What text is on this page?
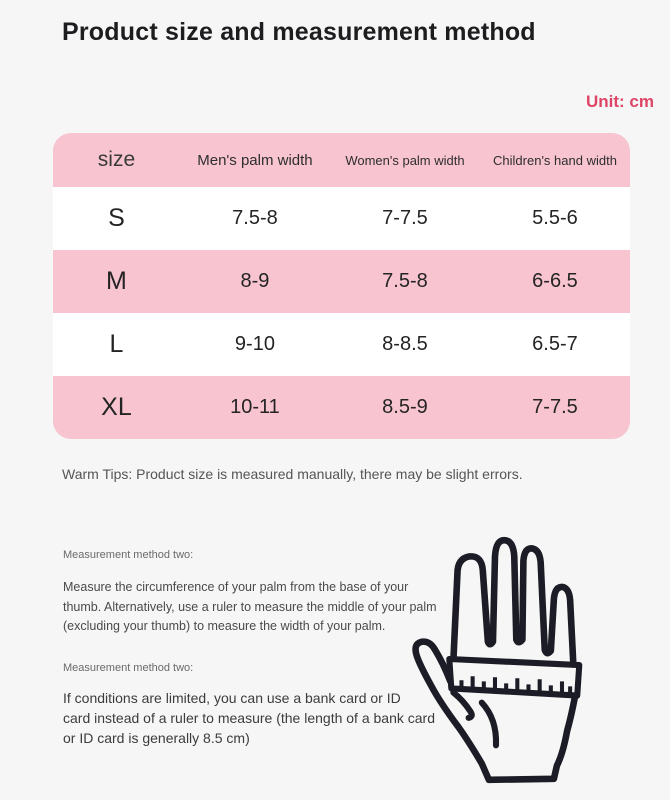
Product size and measurement method
Unit: cm
size	Men's palm width	Women's palm width	Children's hand width
S	7.5-8	7-7.5	5.5-6
M	8-9	7.5-8	6-6.5
L	9-10	8-8.5	6.5-7
XL	10-11	8.5-9	7-7.5
Warm Tips: Product size is measured manually, there may be slight errors.
Measurement method two:
Measure the circumference of your palm from the base of your
thumb. Alternatively, use a ruler to measure the middle of your palm
(excluding your thumb) to measure the width of your palm.
Measurement method two:
If conditions are limited, you can use a bank card or ID
card instead of a ruler to measure (the length of a bank card
or ID card is generally 8.5 cm)
